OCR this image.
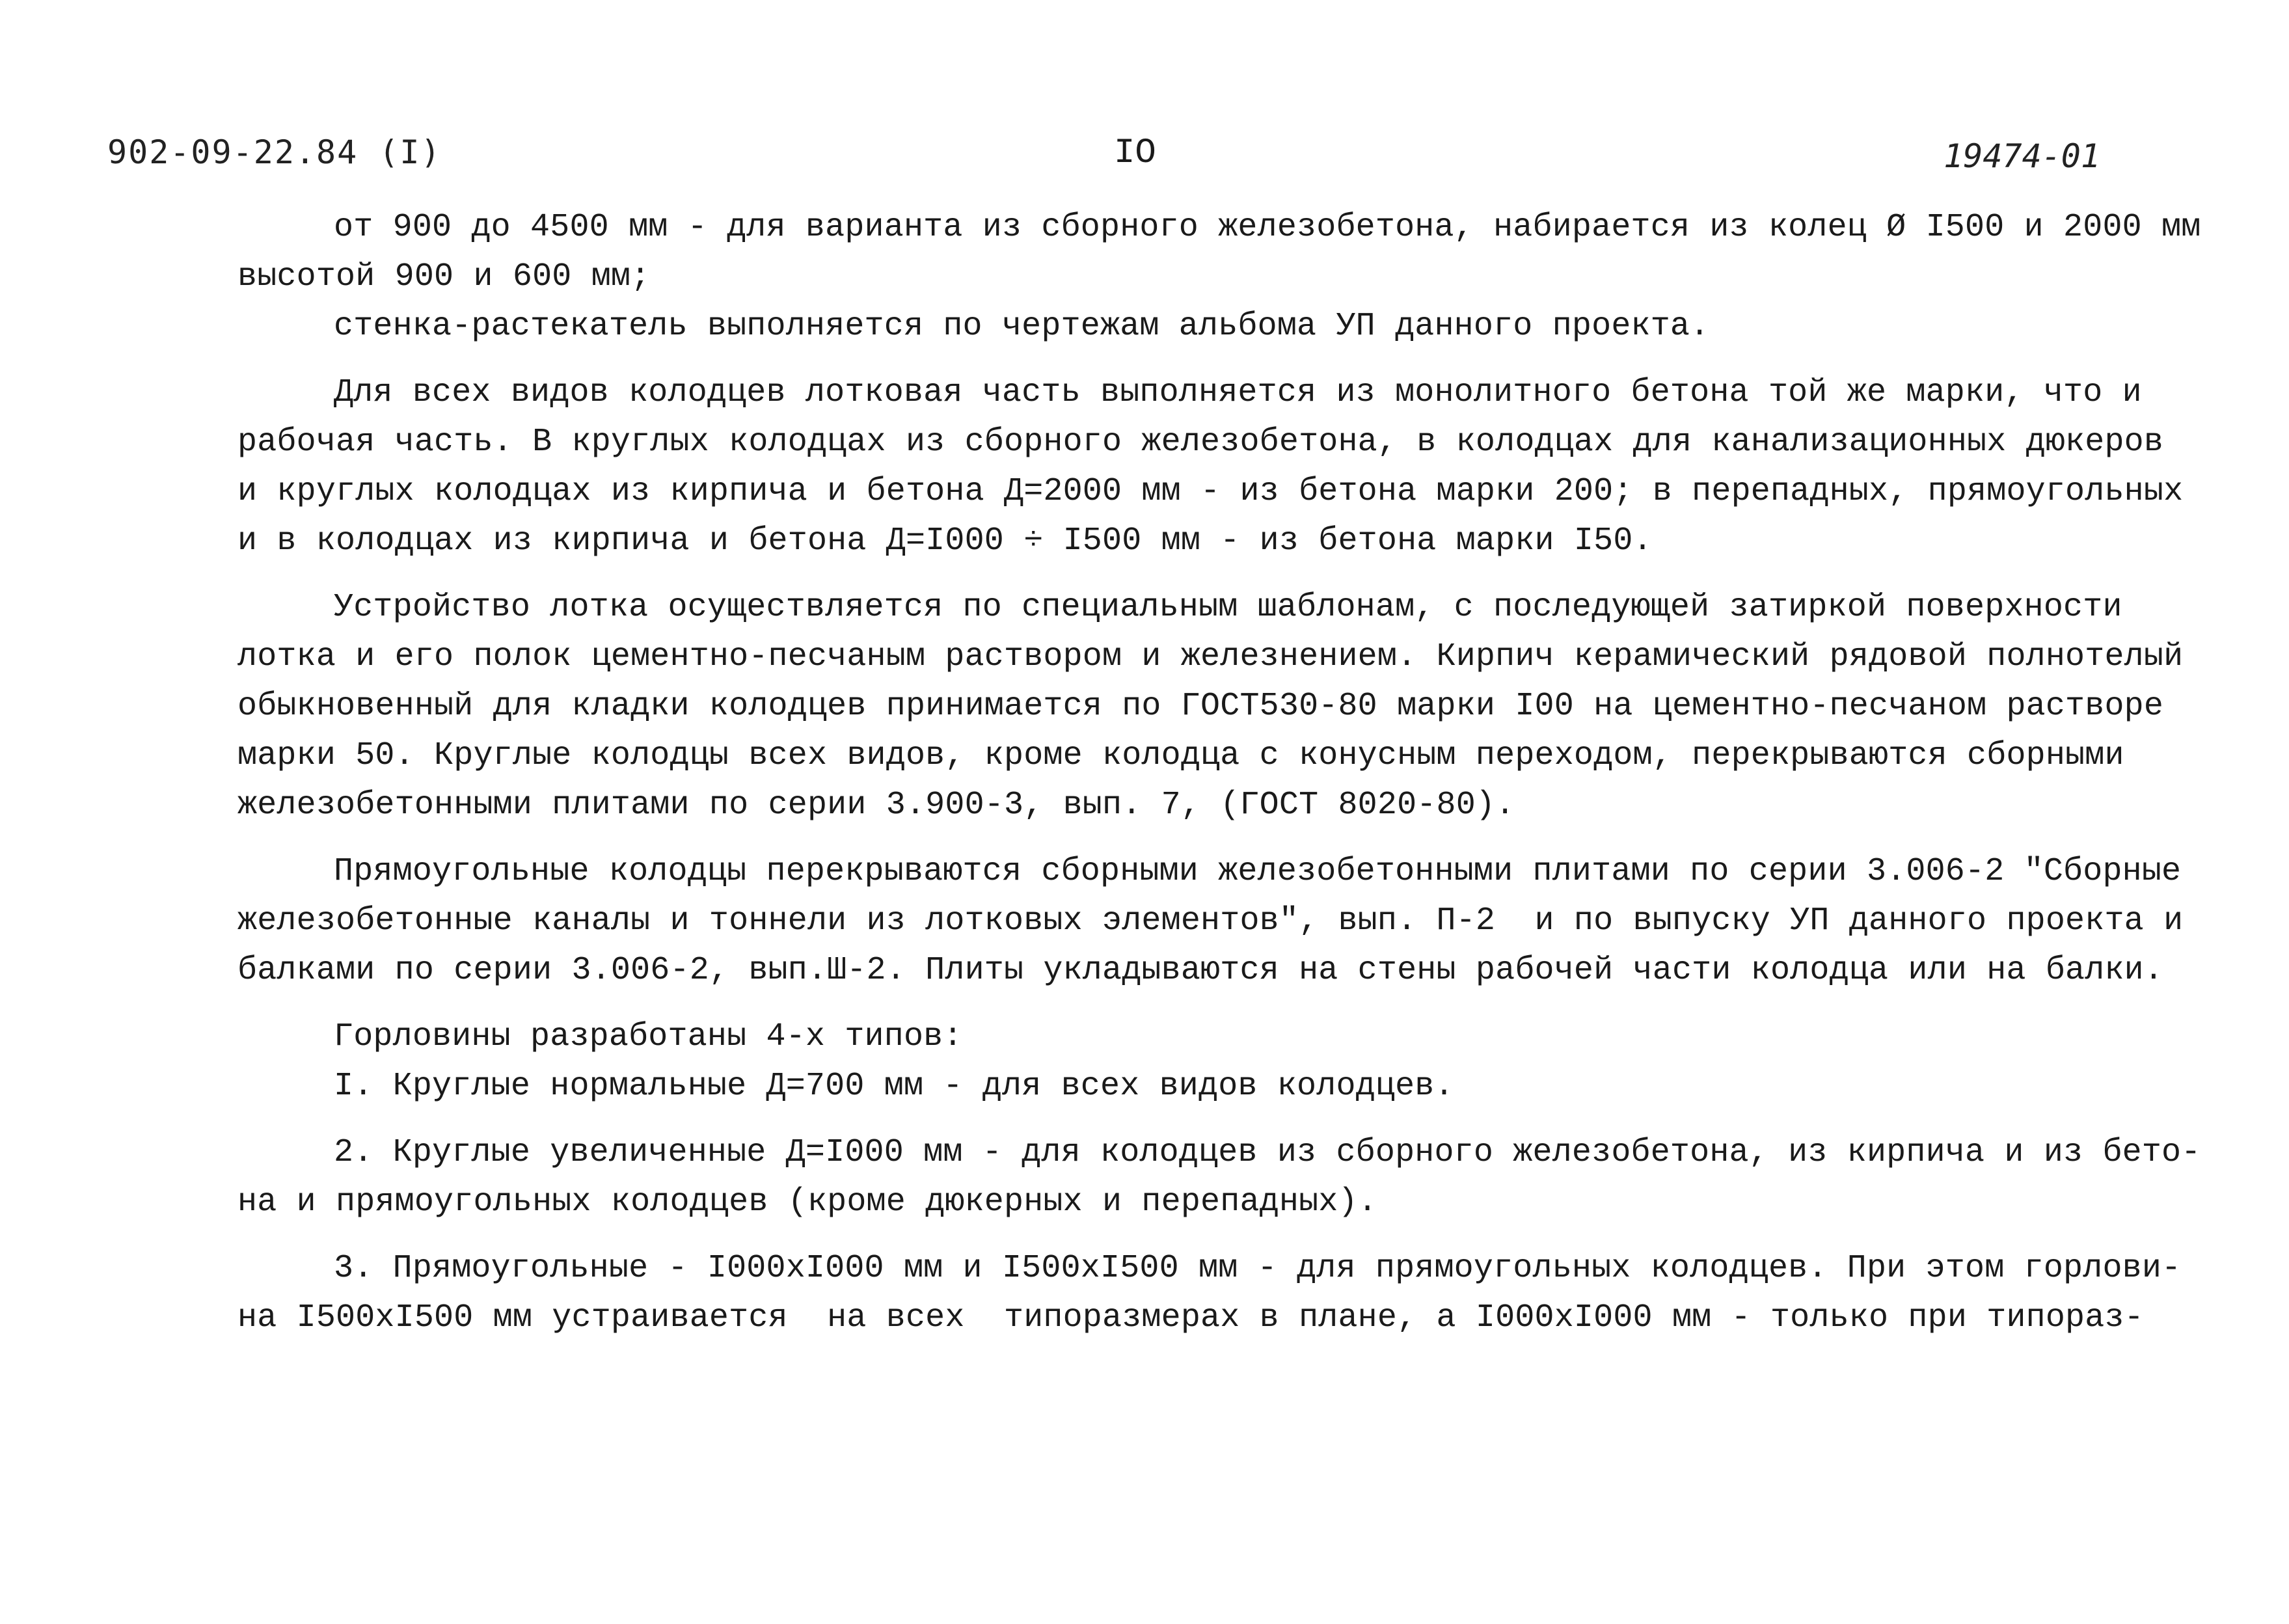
902-09-22.84 (I)	IO	19474-01
от 900 до 4500 мм - для варианта из сборного железобетона, набирается из колец Ø I500 и 2000 мм
высотой 900 и 600 мм;
стенка-растекатель выполняется по чертежам альбома УП данного проекта.
Для всех видов колодцев лотковая часть выполняется из монолитного бетона той же марки, что и
рабочая часть. В круглых колодцах из сборного железобетона, в колодцах для канализационных дюкеров
и круглых колодцах из кирпича и бетона Д=2000 мм - из бетона марки 200; в перепадных, прямоугольных
и в колодцах из кирпича и бетона Д=I000 ÷ I500 мм - из бетона марки I50.
Устройство лотка осуществляется по специальным шаблонам, с последующей затиркой поверхности
лотка и его полок цементно-песчаным раствором и железнением. Кирпич керамический рядовой полнотелый
обыкновенный для кладки колодцев принимается по ГОСТ530-80 марки I00 на цементно-песчаном растворе
марки 50. Круглые колодцы всех видов, кроме колодца с конусным переходом, перекрываются сборными
железобетонными плитами по серии 3.900-3, вып. 7, (ГОСТ 8020-80).
Прямоугольные колодцы перекрываются сборными железобетонными плитами по серии 3.006-2 "Сборные
железобетонные каналы и тоннели из лотковых элементов", вып. П-2  и по выпуску УП данного проекта и
балками по серии 3.006-2, вып.Ш-2. Плиты укладываются на стены рабочей части колодца или на балки.
Горловины разработаны 4-х типов:
I. Круглые нормальные Д=700 мм - для всех видов колодцев.
2. Круглые увеличенные Д=I000 мм - для колодцев из сборного железобетона, из кирпича и из бето-
на и прямоугольных колодцев (кроме дюкерных и перепадных).
3. Прямоугольные - I000хI000 мм и I500хI500 мм - для прямоугольных колодцев. При этом горлови-
на I500хI500 мм устраивается  на всех  типоразмерах в плане, а I000хI000 мм - только при типораз-
